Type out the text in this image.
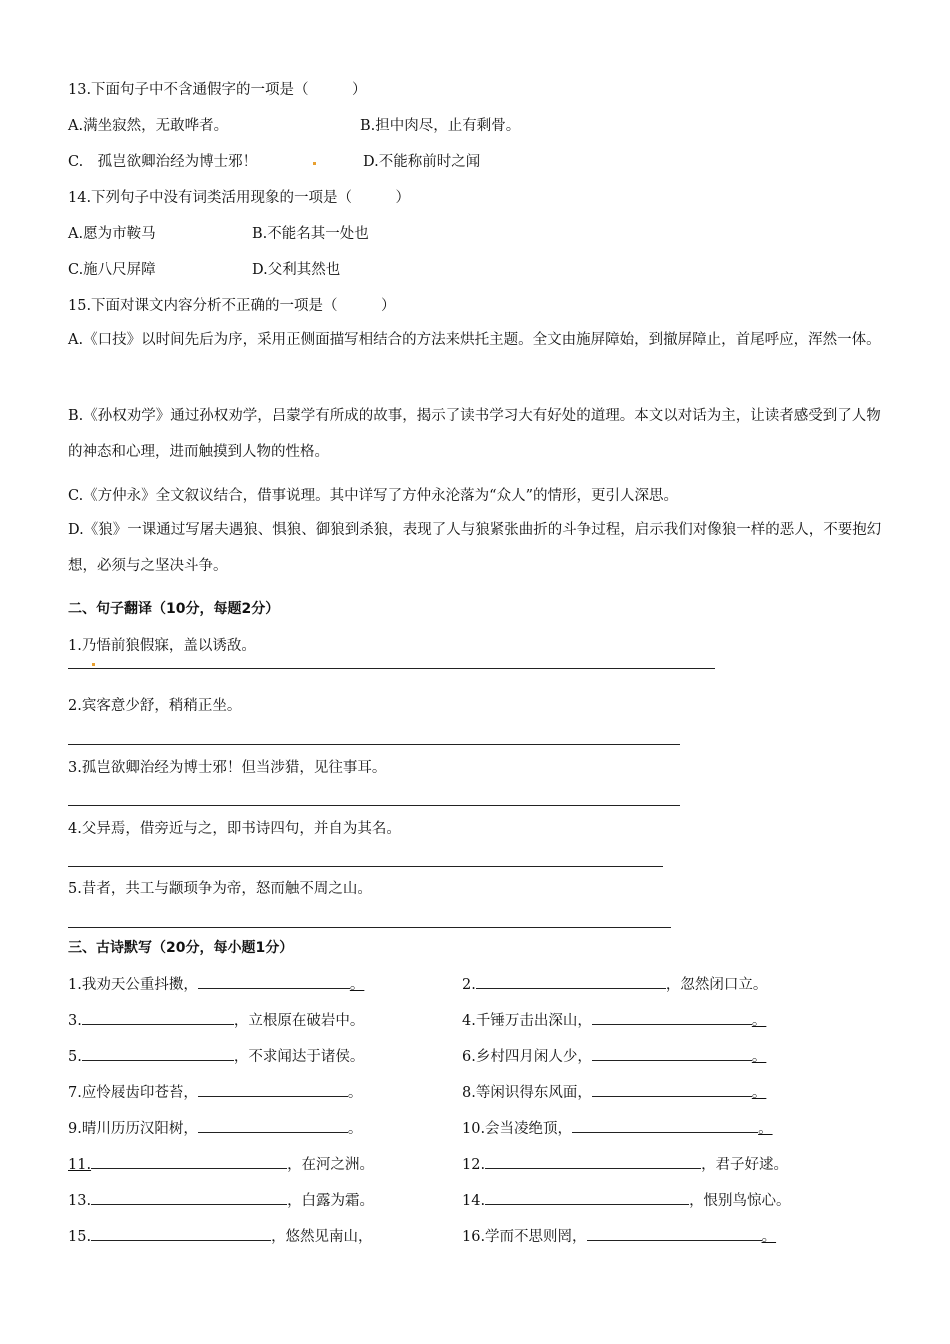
13.下面句子中不含通假字的一项是（　　　）
A.满坐寂然，无敢哗者。	B.担中肉尽，止有剩骨。
C.　孤岂欲卿治经为博士邪！	D.不能称前时之闻
14.下列句子中没有词类活用现象的一项是（　　　）
A.愿为市鞍马	B.不能名其一处也
C.施八尺屏障	D.父利其然也
15.下面对课文内容分析不正确的一项是（　　　）
A.《口技》以时间先后为序，采用正侧面描写相结合的方法来烘托主题。全文由施屏障始，到撤屏障止，首尾呼应，浑然一体。
B.《孙权劝学》通过孙权劝学，吕蒙学有所成的故事，揭示了读书学习大有好处的道理。本文以对话为主，让读者感受到了人物的神态和心理，进而触摸到人物的性格。
C.《方仲永》全文叙议结合，借事说理。其中详写了方仲永沦落为“众人”的情形，更引人深思。
D.《狼》一课通过写屠夫遇狼、惧狼、御狼到杀狼，表现了人与狼紧张曲折的斗争过程，启示我们对像狼一样的恶人，不要抱幻想，必须与之坚决斗争。
二、句子翻译（10分，每题2分）
1.乃悟前狼假寐，盖以诱敌。
2.宾客意少舒，稍稍正坐。
3.孤岂欲卿治经为博士邪！但当涉猎，见往事耳。
4.父异焉，借旁近与之，即书诗四句，并自为其名。
5.昔者，共工与颛顼争为帝，怒而触不周之山。
三、古诗默写（20分，每小题1分）
1.我劝天公重抖擞，	。	2.	，忽然闭口立。
3.	，立根原在破岩中。	4.千锤万击出深山，	。
5.	，不求闻达于诸侯。	6.乡村四月闲人少，	。
7.应怜屐齿印苍苔，	。	8.等闲识得东风面，	。
9.晴川历历汉阳树，	。	10.会当凌绝顶，	。
11.	，在河之洲。	12.	，君子好逑。
13.	，白露为霜。	14.	，恨别鸟惊心。
15.	，悠然见南山，	16.学而不思则罔，	。
